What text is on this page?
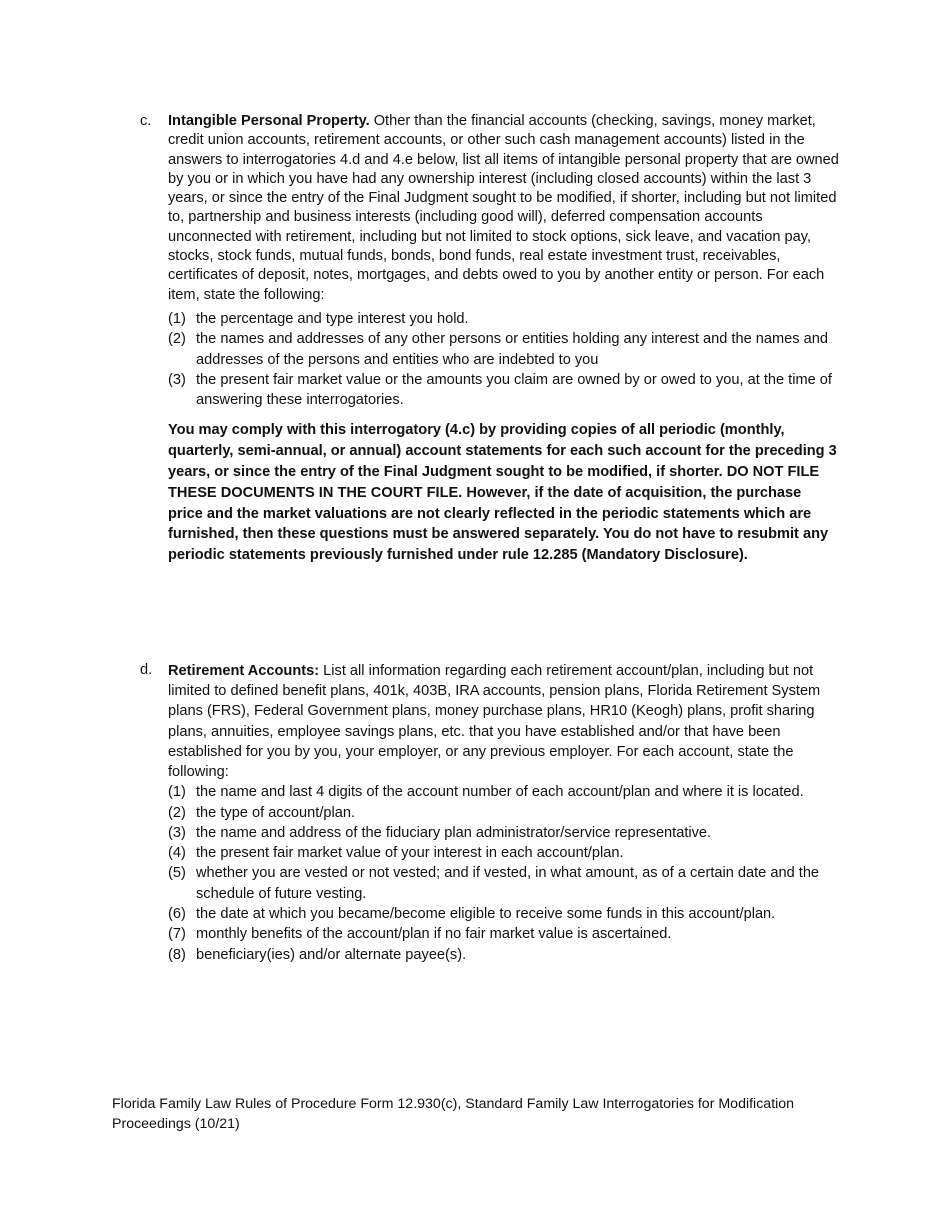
c.	Intangible Personal Property. Other than the financial accounts (checking, savings, money market, credit union accounts, retirement accounts, or other such cash management accounts) listed in the answers to interrogatories 4.d and 4.e below, list all items of intangible personal property that are owned by you or in which you have had any ownership interest (including closed accounts) within the last 3 years, or since the entry of the Final Judgment sought to be modified, if shorter, including but not limited to, partnership and business interests (including good will), deferred compensation accounts unconnected with retirement, including but not limited to stock options, sick leave, and vacation pay, stocks, stock funds, mutual funds, bonds, bond funds, real estate investment trust, receivables, certificates of deposit, notes, mortgages, and debts owed to you by another entity or person. For each item, state the following:
(1) the percentage and type interest you hold.
(2) the names and addresses of any other persons or entities holding any interest and the names and addresses of the persons and entities who are indebted to you
(3) the present fair market value or the amounts you claim are owned by or owed to you, at the time of answering these interrogatories.
You may comply with this interrogatory (4.c) by providing copies of all periodic (monthly, quarterly, semi-annual, or annual) account statements for each such account for the preceding 3 years, or since the entry of the Final Judgment sought to be modified, if shorter. DO NOT FILE THESE DOCUMENTS IN THE COURT FILE. However, if the date of acquisition, the purchase price and the market valuations are not clearly reflected in the periodic statements which are furnished, then these questions must be answered separately. You do not have to resubmit any periodic statements previously furnished under rule 12.285 (Mandatory Disclosure).
d.	Retirement Accounts: List all information regarding each retirement account/plan, including but not limited to defined benefit plans, 401k, 403B, IRA accounts, pension plans, Florida Retirement System plans (FRS), Federal Government plans, money purchase plans, HR10 (Keogh) plans, profit sharing plans, annuities, employee savings plans, etc. that you have established and/or that have been established for you by you, your employer, or any previous employer. For each account, state the following:
(1) the name and last 4 digits of the account number of each account/plan and where it is located.
(2) the type of account/plan.
(3) the name and address of the fiduciary plan administrator/service representative.
(4) the present fair market value of your interest in each account/plan.
(5) whether you are vested or not vested; and if vested, in what amount, as of a certain date and the schedule of future vesting.
(6) the date at which you became/become eligible to receive some funds in this account/plan.
(7) monthly benefits of the account/plan if no fair market value is ascertained.
(8) beneficiary(ies) and/or alternate payee(s).
Florida Family Law Rules of Procedure Form 12.930(c), Standard Family Law Interrogatories for Modification Proceedings (10/21)
